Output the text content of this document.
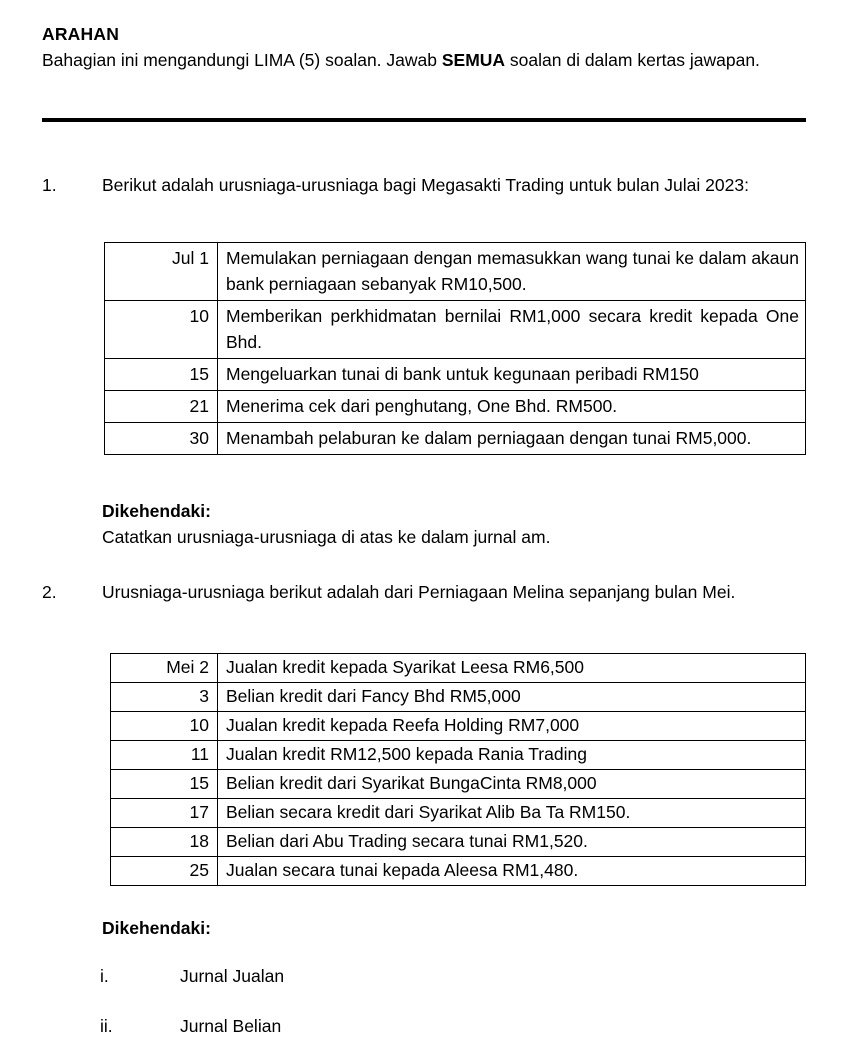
ARAHAN
Bahagian ini mengandungi LIMA (5) soalan. Jawab SEMUA soalan di dalam kertas jawapan.
1.	Berikut adalah urusniaga-urusniaga bagi Megasakti Trading untuk bulan Julai 2023:
Jul 1	Memulakan perniagaan dengan memasukkan wang tunai ke dalam akaun bank perniagaan sebanyak RM10,500.
10	Memberikan perkhidmatan bernilai RM1,000 secara kredit kepada One Bhd.
15	Mengeluarkan tunai di bank untuk kegunaan peribadi RM150
21	Menerima cek dari penghutang, One Bhd. RM500.
30	Menambah pelaburan ke dalam perniagaan dengan tunai RM5,000.
Dikehendaki:
Catatkan urusniaga-urusniaga di atas ke dalam jurnal am.
2.	Urusniaga-urusniaga berikut adalah dari Perniagaan Melina sepanjang bulan Mei.
Mei 2	Jualan kredit kepada Syarikat Leesa RM6,500
3	Belian kredit dari Fancy Bhd RM5,000
10	Jualan kredit kepada Reefa Holding RM7,000
11	Jualan kredit RM12,500 kepada Rania Trading
15	Belian kredit dari Syarikat BungaCinta RM8,000
17	Belian secara kredit dari Syarikat Alib Ba Ta RM150.
18	Belian dari Abu Trading secara tunai RM1,520.
25	Jualan secara tunai kepada Aleesa RM1,480.
Dikehendaki:
i.	Jurnal Jualan
ii.	Jurnal Belian
